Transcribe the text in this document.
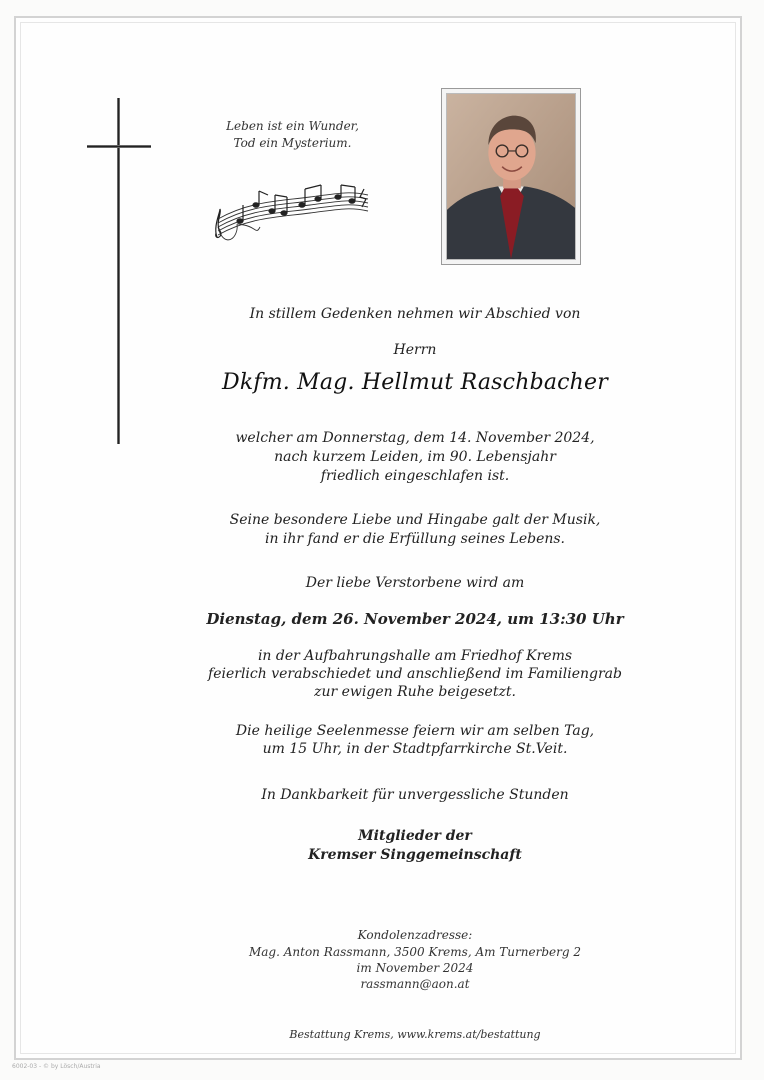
Leben ist ein Wunder,
Tod ein Mysterium.
In stillem Gedenken nehmen wir Abschied von
Herrn
Dkfm. Mag. Hellmut Raschbacher
welcher am Donnerstag, dem 14. November 2024,
nach kurzem Leiden, im 90. Lebensjahr
friedlich eingeschlafen ist.
Seine besondere Liebe und Hingabe galt der Musik,
in ihr fand er die Erfüllung seines Lebens.
Der liebe Verstorbene wird am
Dienstag, dem 26. November 2024, um 13:30 Uhr
in der Aufbahrungshalle am Friedhof Krems
feierlich verabschiedet und anschließend im Familiengrab
zur ewigen Ruhe beigesetzt.
Die heilige Seelenmesse feiern wir am selben Tag,
um 15 Uhr, in der Stadtpfarrkirche St.Veit.
In Dankbarkeit für unvergessliche Stunden
Mitglieder der
Kremser Singgemeinschaft
Kondolenzadresse:
Mag. Anton Rassmann, 3500 Krems, Am Turnerberg 2
im November 2024
rassmann@aon.at
Bestattung Krems, www.krems.at/bestattung
6002-03 - © by Lösch/Austria
